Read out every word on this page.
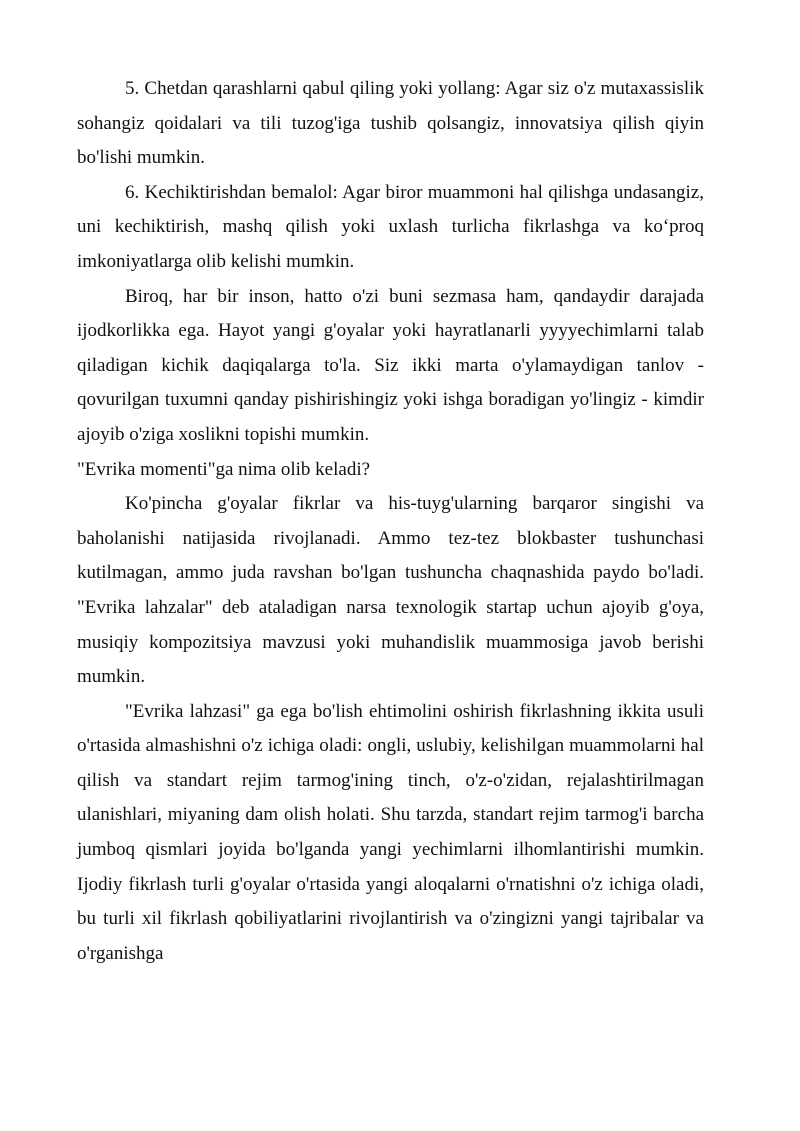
5. Chetdan qarashlarni qabul qiling yoki yollang: Agar siz o'z mutaxassislik sohangiz qoidalari va tili tuzog'iga tushib qolsangiz, innovatsiya qilish qiyin bo'lishi mumkin.

6. Kechiktirishdan bemalol: Agar biror muammoni hal qilishga undasangiz, uni kechiktirish, mashq qilish yoki uxlash turlicha fikrlashga va ko‘proq imkoniyatlarga olib kelishi mumkin.

Biroq, har bir inson, hatto o'zi buni sezmasa ham, qandaydir darajada ijodkorlikka ega. Hayot yangi g'oyalar yoki hayratlanarli yyyyechimlarni talab qiladigan kichik daqiqalarga to'la. Siz ikki marta o'ylamaydigan tanlov - qovurilgan tuxumni qanday pishirishingiz yoki ishga boradigan yo'lingiz - kimdir ajoyib o'ziga xoslikni topishi mumkin.

"Evrika momenti"ga nima olib keladi?

Ko'pincha g'oyalar fikrlar va his-tuyg'ularning barqaror singishi va baholanishi natijasida rivojlanadi. Ammo tez-tez blokbaster tushunchasi kutilmagan, ammo juda ravshan bo'lgan tushuncha chaqnashida paydo bo'ladi. "Evrika lahzalar" deb ataladigan narsa texnologik startap uchun ajoyib g'oya, musiqiy kompozitsiya mavzusi yoki muhandislik muammosiga javob berishi mumkin.

"Evrika lahzasi" ga ega bo'lish ehtimolini oshirish fikrlashning ikkita usuli o'rtasida almashishni o'z ichiga oladi: ongli, uslubiy, kelishilgan muammolarni hal qilish va standart rejim tarmog'ining tinch, o'z-o'zidan, rejalashtirilmagan ulanishlari, miyaning dam olish holati. Shu tarzda, standart rejim tarmog'i barcha jumboq qismlari joyida bo'lganda yangi yechimlarni ilhomlantirishi mumkin. Ijodiy fikrlash turli g'oyalar o'rtasida yangi aloqalarni o'rnatishni o'z ichiga oladi, bu turli xil fikrlash qobiliyatlarini rivojlantirish va o'zingizni yangi tajribalar va o'rganishga
